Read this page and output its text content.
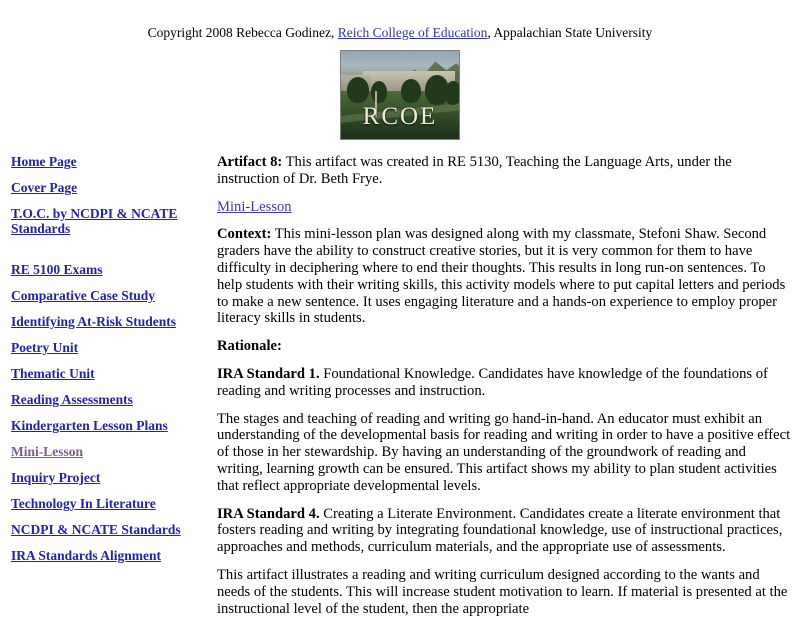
Copyright 2008 Rebecca Godinez, Reich College of Education, Appalachian State University
RCOE
Home Page
Cover Page
T.O.C. by NCDPI & NCATE Standards
RE 5100 Exams
Comparative Case Study
Identifying At-Risk Students
Poetry Unit
Thematic Unit
Reading Assessments
Kindergarten Lesson Plans
Mini-Lesson
Inquiry Project
Technology In Literature
NCDPI & NCATE Standards
IRA Standards Alignment

Artifact 8: This artifact was created in RE 5130, Teaching the Language Arts, under the instruction of Dr. Beth Frye.

Mini-Lesson

Context: This mini-lesson plan was designed along with my classmate, Stefoni Shaw. Second graders have the ability to construct creative stories, but it is very common for them to have difficulty in deciphering where to end their thoughts. This results in long run-on sentences. To help students with their writing skills, this activity models where to put capital letters and periods to make a new sentence. It uses engaging literature and a hands-on experience to employ proper literacy skills in students.

Rationale:

IRA Standard 1. Foundational Knowledge. Candidates have knowledge of the foundations of reading and writing processes and instruction.

The stages and teaching of reading and writing go hand-in-hand. An educator must exhibit an understanding of the developmental basis for reading and writing in order to have a positive effect of those in her stewardship. By having an understanding of the groundwork of reading and writing, learning growth can be ensured. This artifact shows my ability to plan student activities that reflect appropriate developmental levels.

IRA Standard 4. Creating a Literate Environment. Candidates create a literate environment that fosters reading and writing by integrating foundational knowledge, use of instructional practices, approaches and methods, curriculum materials, and the appropriate use of assessments.

This artifact illustrates a reading and writing curriculum designed according to the wants and needs of the students. This will increase student motivation to learn. If material is presented at the instructional level of the student, then the appropriate
